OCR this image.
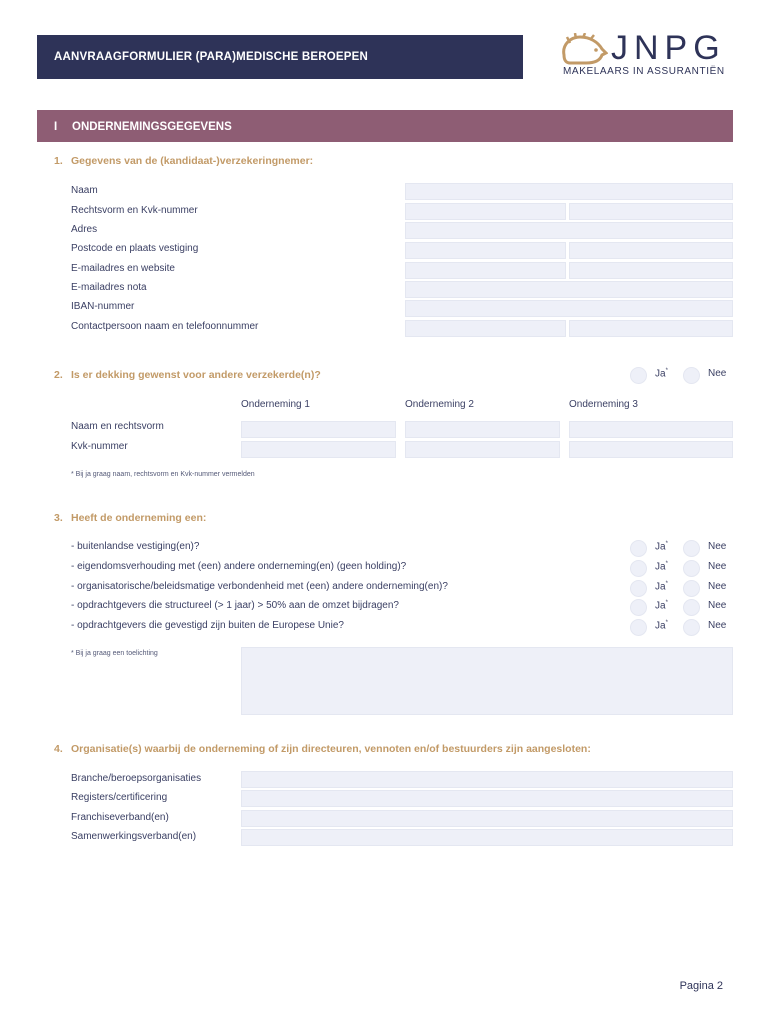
AANVRAAGFORMULIER (PARA)MEDISCHE BEROEPEN	JNPG
MAKELAARS IN ASSURANTIËN
I ONDERNEMINGSGEGEVENS
1. Gegevens van de (kandidaat-)verzekeringnemer:
Naam
Rechtsvorm en Kvk-nummer
Adres
Postcode en plaats vestiging
E-mailadres en website
E-mailadres nota
IBAN-nummer
Contactpersoon naam en telefoonnummer
2. Is er dekking gewenst voor andere verzekerde(n)?	Ja*	Nee
Onderneming 1	Onderneming 2	Onderneming 3
Naam en rechtsvorm
Kvk-nummer
* Bij ja graag naam, rechtsvorm en Kvk-nummer vermelden
3. Heeft de onderneming een:
- buitenlandse vestiging(en)?	Ja*	Nee
- eigendomsverhouding met (een) andere onderneming(en) (geen holding)?	Ja*	Nee
- organisatorische/beleidsmatige verbondenheid met (een) andere onderneming(en)?	Ja*	Nee
- opdrachtgevers die structureel (> 1 jaar) > 50% aan de omzet bijdragen?	Ja*	Nee
- opdrachtgevers die gevestigd zijn buiten de Europese Unie?	Ja*	Nee
* Bij ja graag een toelichting
4. Organisatie(s) waarbij de onderneming of zijn directeuren, vennoten en/of bestuurders zijn aangesloten:
Branche/beroepsorganisaties
Registers/certificering
Franchiseverband(en)
Samenwerkingsverband(en)
Pagina 2
